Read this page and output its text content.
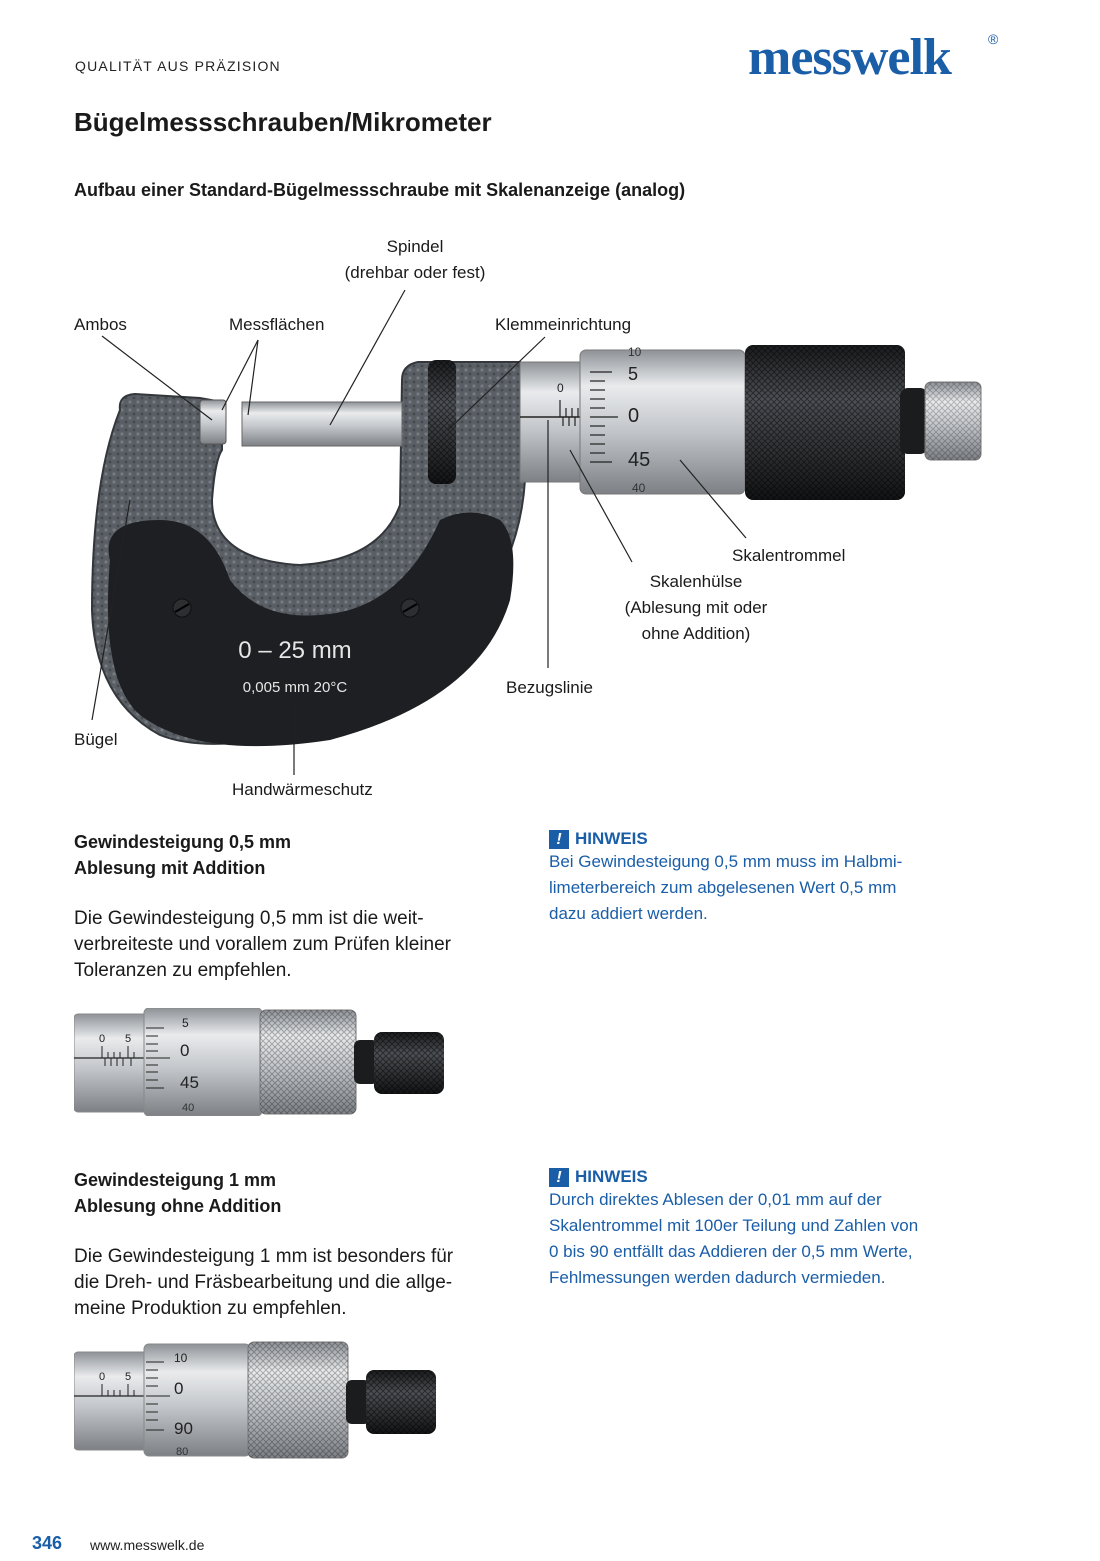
QUALITÄT AUS PRÄZISION	messwelk	®
Bügelmessschrauben/Mikrometer
Aufbau einer Standard-Bügelmessschraube mit Skalenanzeige (analog)
0 – 25 mm
0,005 mm 20°C
0
10
5
0
45
40
Spindel
(drehbar oder fest)
Ambos	Messflächen	Klemmeinrichtung
Skalentrommel
Skalenhülse
(Ablesung mit oder
ohne Addition)
Bezugslinie
Bügel
Handwärmeschutz
Gewindesteigung 0,5 mm
Ablesung mit Addition
Die Gewindesteigung 0,5 mm ist die weit-
verbreiteste und vorallem zum Prüfen kleiner
Toleranzen zu empfehlen.
! HINWEIS
Bei Gewindesteigung 0,5 mm muss im Halbmi-
limeterbereich zum abgelesenen Wert 0,5 mm
dazu addiert werden.
0 5
5
0
45
40
Gewindesteigung 1 mm
Ablesung ohne Addition
Die Gewindesteigung 1 mm ist besonders für
die Dreh- und Fräsbearbeitung und die allge-
meine Produktion zu empfehlen.
! HINWEIS
Durch direktes Ablesen der 0,01 mm auf der
Skalentrommel mit 100er Teilung und Zahlen von
0 bis 90 entfällt das Addieren der 0,5 mm Werte,
Fehlmessungen werden dadurch vermieden.
0 5
10
0
90
80
346 www.messwelk.de
